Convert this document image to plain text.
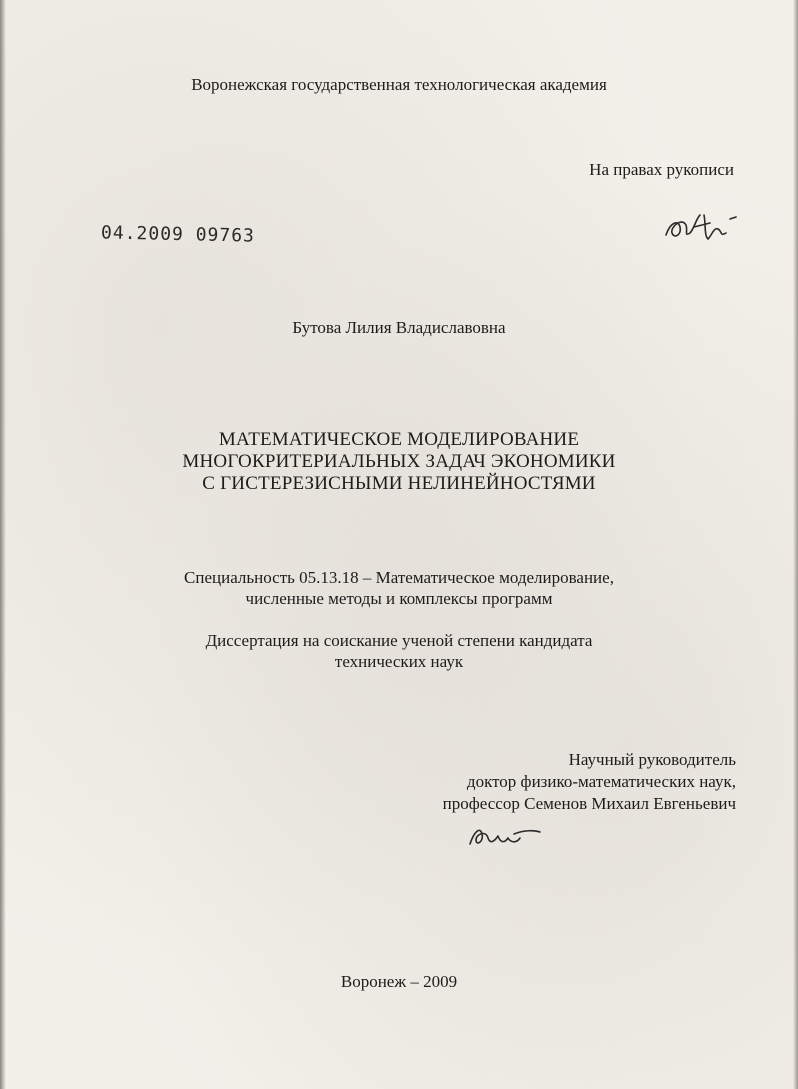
Воронежская государственная технологическая академия

На правах рукописи

04.2009 09763

Бутова Лилия Владиславовна

МАТЕМАТИЧЕСКОЕ МОДЕЛИРОВАНИЕ
МНОГОКРИТЕРИАЛЬНЫХ ЗАДАЧ ЭКОНОМИКИ
С ГИСТЕРЕЗИСНЫМИ НЕЛИНЕЙНОСТЯМИ

Специальность 05.13.18 – Математическое моделирование,

численные методы и комплексы программ

Диссертация на соискание ученой степени кандидата

технических наук

Научный руководитель

доктор физико-математических наук,

профессор Семенов Михаил Евгеньевич

Воронеж – 2009
